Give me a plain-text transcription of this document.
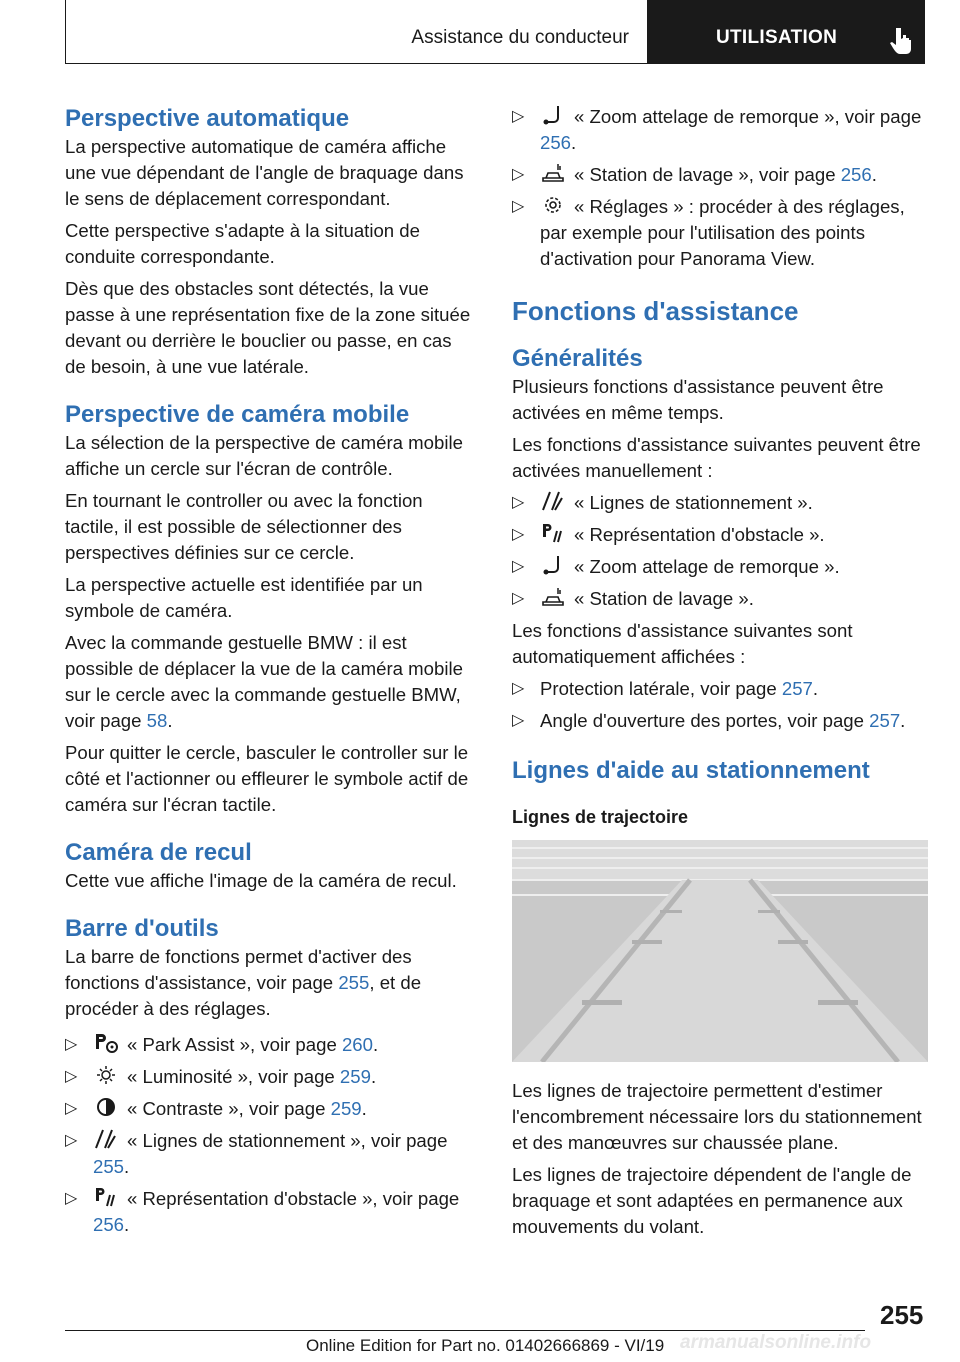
Assistance du conducteur	UTILISATION
Perspective automatique

La perspective automatique de caméra affiche une vue dépendant de l'angle de braquage dans le sens de déplacement correspondant.

Cette perspective s'adapte à la situation de conduite correspondante.

Dès que des obstacles sont détectés, la vue passe à une représentation fixe de la zone située devant ou derrière le bouclier ou passe, en cas de besoin, à une vue latérale.

Perspective de caméra mobile

La sélection de la perspective de caméra mobile affiche un cercle sur l'écran de contrôle.

En tournant le controller ou avec la fonction tactile, il est possible de sélectionner des perspectives définies sur ce cercle.

La perspective actuelle est identifiée par un symbole de caméra.

Avec la commande gestuelle BMW : il est possible de déplacer la vue de la caméra mobile sur le cercle avec la commande gestuelle BMW, voir page 58.

Pour quitter le cercle, basculer le controller sur le côté et l'actionner ou effleurer le symbole actif de caméra sur l'écran tactile.

Caméra de recul

Cette vue affiche l'image de la caméra de recul.

Barre d'outils

La barre de fonctions permet d'activer des fonctions d'assistance, voir page 255, et de procéder à des réglages.

▷	« Park Assist », voir page 260.
▷	« Luminosité », voir page 259.
▷	« Contraste », voir page 259.
▷	« Lignes de stationnement », voir page 255.
▷	« Représentation d'obstacle », voir page 256.
▷	« Zoom attelage de remorque », voir page 256.
▷	« Station de lavage », voir page 256.
▷	« Réglages » : procéder à des réglages, par exemple pour l'utilisation des points d'activation pour Panorama View.
Fonctions d'assistance
Généralités

Plusieurs fonctions d'assistance peuvent être activées en même temps.

Les fonctions d'assistance suivantes peuvent être activées manuellement :

▷	« Lignes de stationnement ».
▷	« Représentation d'obstacle ».
▷	« Zoom attelage de remorque ».
▷	« Station de lavage ».

Les fonctions d'assistance suivantes sont automatiquement affichées :

▷ Protection latérale, voir page 257.
▷ Angle d'ouverture des portes, voir page 257.
Lignes d'aide au stationnement
Lignes de trajectoire

Les lignes de trajectoire permettent d'estimer l'encombrement nécessaire lors du stationnement et des manœuvres sur chaussée plane.

Les lignes de trajectoire dépendent de l'angle de braquage et sont adaptées en permanence aux mouvements du volant.

255
Online Edition for Part no. 01402666869 - VI/19 armanualsonline.info
